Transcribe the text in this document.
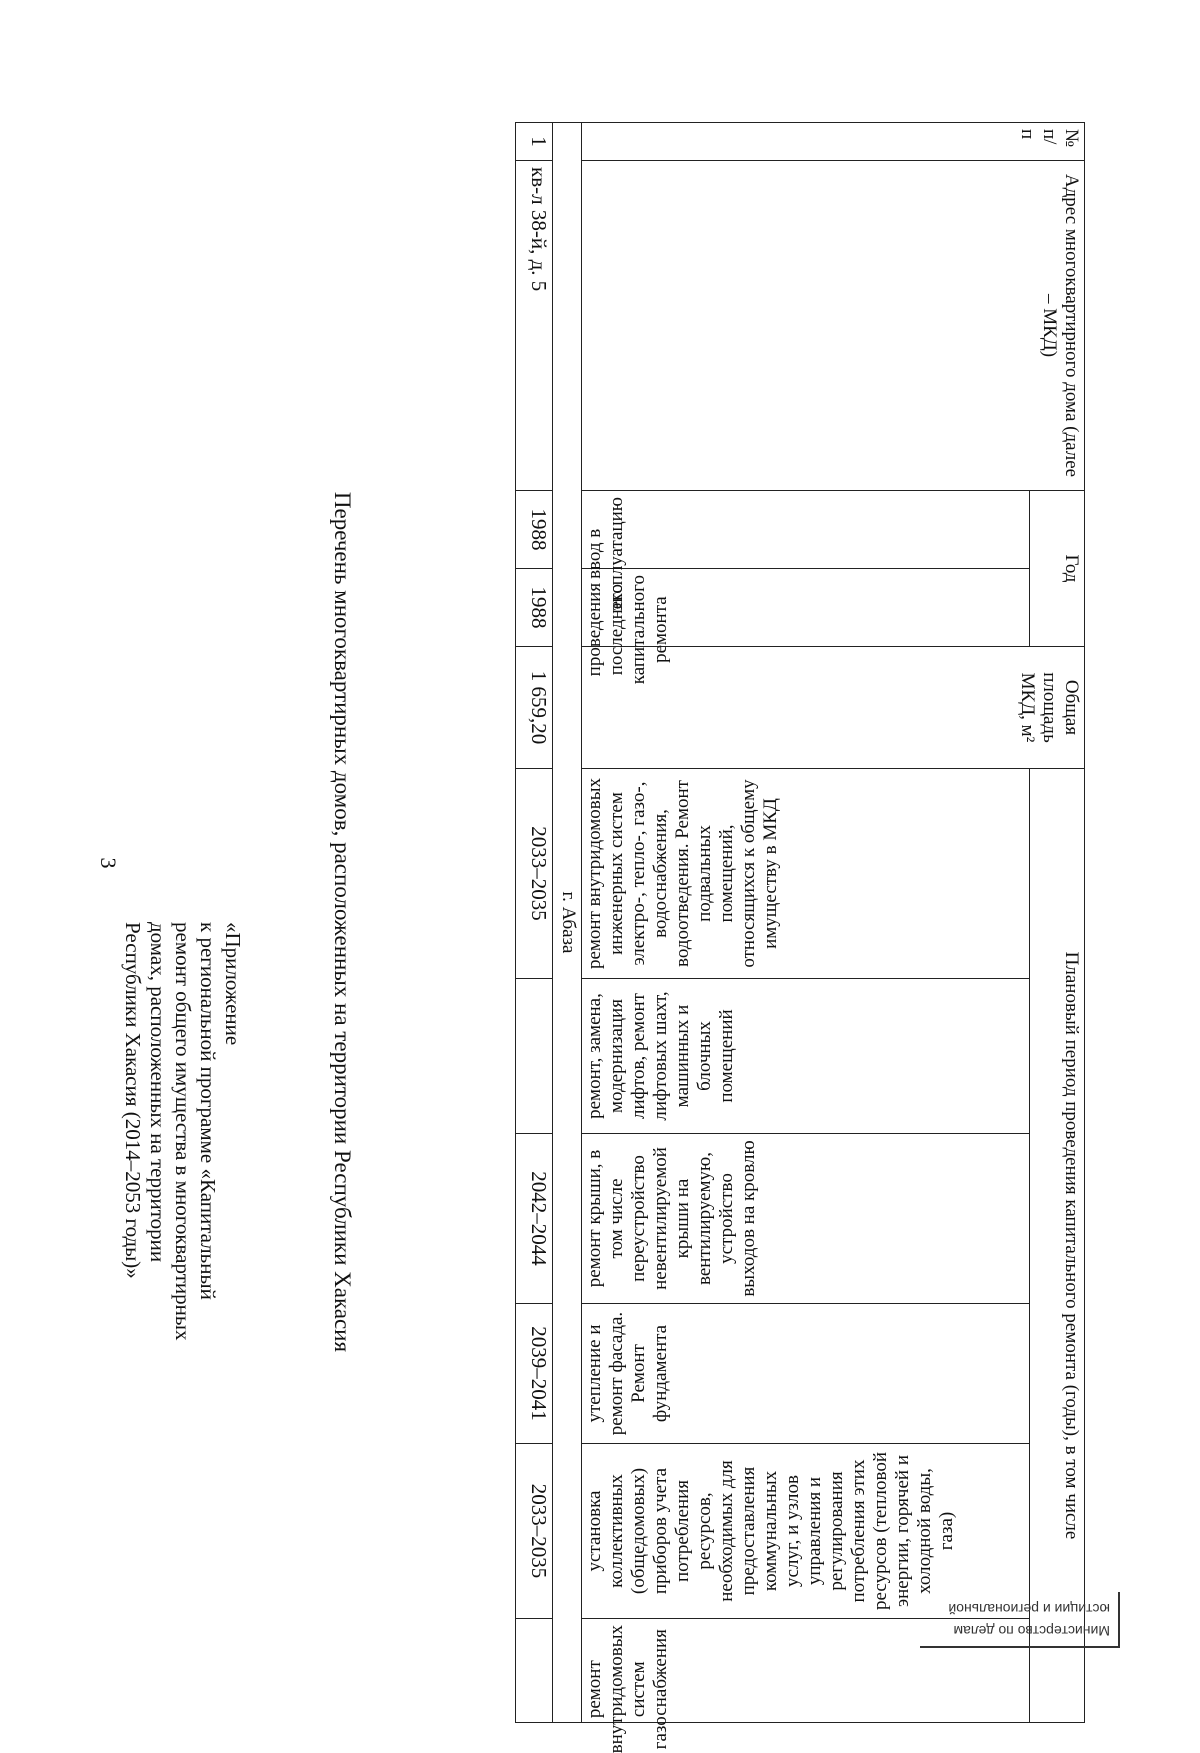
3
«Приложение
к региональной программе «Капитальный
ремонт общего имущества в многоквартирных
домах, расположенных на территории
Республики Хакасия (2014–2053 годы)»
№ п/п	Адрес многоквартирного дома (далее – МКД)	Год		Общая площадь МКД, м²	Плановый период проведения капитального ремонта (годы), в том числе					
		ввод в эксплуатацию	проведения последнего капитального ремонта		ремонт внутридомовых инженерных систем электро-, тепло-, газо-, водоснабжения, водоотведения. Ремонт подвальных помещений, относящихся к общему имуществу в МКД	ремонт, замена, модернизация лифтов, ремонт лифтовых шахт, машинных и блочных помещений	ремонт крыши, в том числе переустройство невентилируемой крыши на вентилируемую, устройство выходов на кровлю	утепление и ремонт фасада. Ремонт фундамента	установка коллективных (общедомовых) приборов учета потребления ресурсов, необходимых для предоставления коммунальных услуг, и узлов управления и регулирования потребления этих ресурсов (тепловой энергии, горячей и холодной воды, газа)	ремонт внутридомовых систем газоснабжения
г. Абаза										
1	кв-л 38-й, д. 5	1988	1988	1 659,20	2033–2035		2042–2044	2039–2041	2033–2035	
Перечень многоквартирных домов, расположенных на территории Республики Хакасия
Министерство по делам
юстиции и региональной
